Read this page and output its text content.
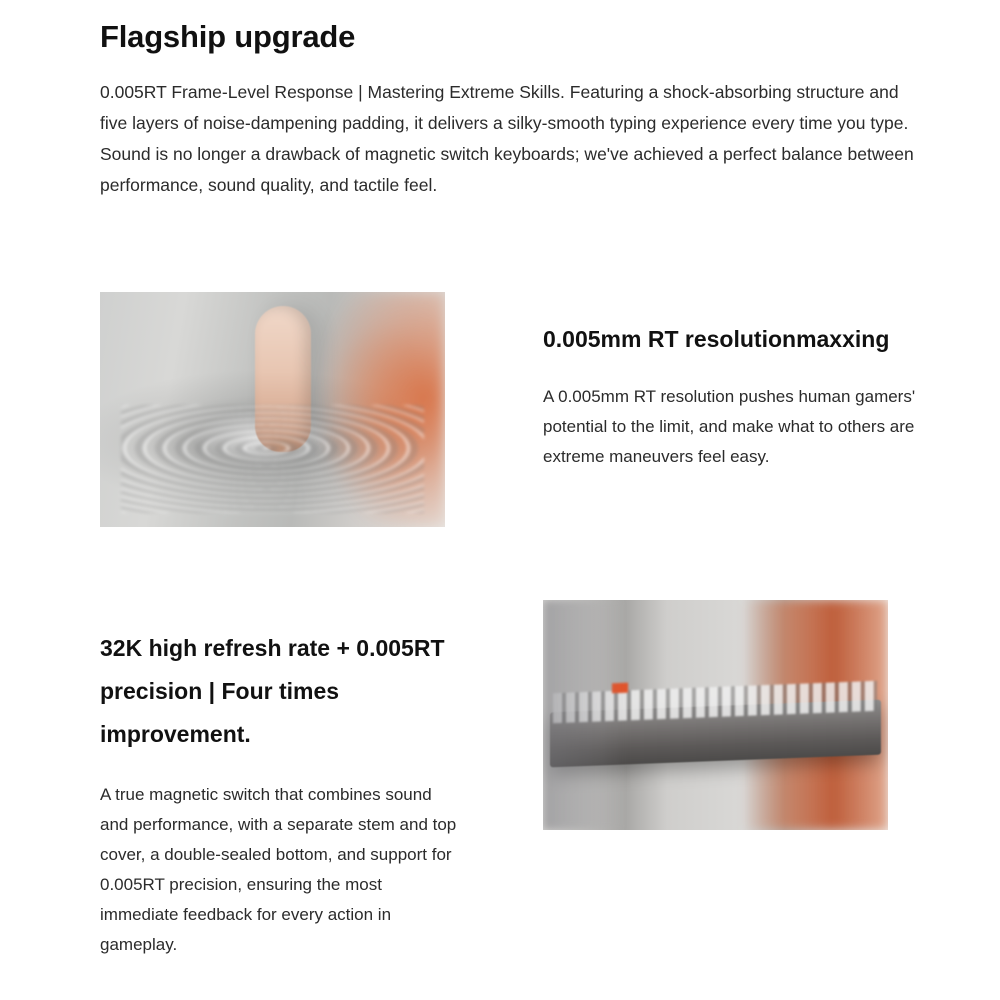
Flagship upgrade

0.005RT Frame-Level Response | Mastering Extreme Skills. Featuring a shock-absorbing structure and five layers of noise-dampening padding, it delivers a silky-smooth typing experience every time you type. Sound is no longer a drawback of magnetic switch keyboards; we've achieved a perfect balance between performance, sound quality, and tactile feel.

0.005mm RT resolutionmaxxing

A 0.005mm RT resolution pushes human gamers' potential to the limit, and make what to others are extreme maneuvers feel easy.

32K high refresh rate + 0.005RT precision | Four times improvement.

A true magnetic switch that combines sound and performance, with a separate stem and top cover, a double-sealed bottom, and support for 0.005RT precision, ensuring the most immediate feedback for every action in gameplay.
